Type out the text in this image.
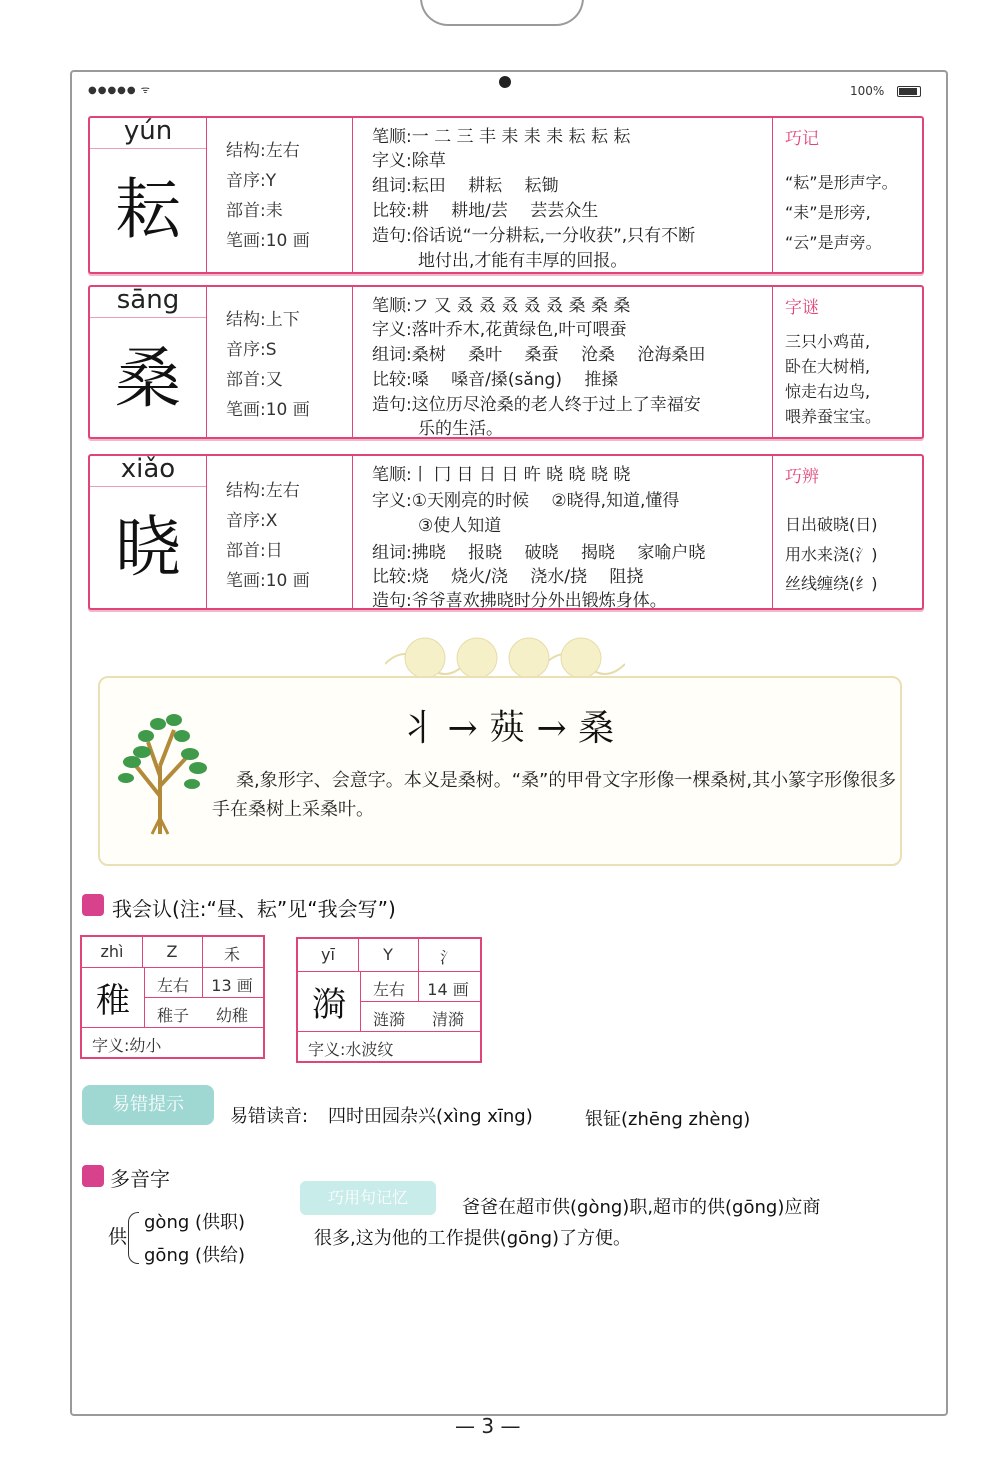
●●●●● ᯤ	100%
yún
耘
结构:左右
音序:Y
部首:耒
笔画:10 画
笔顺:一 二 三 丰 耒 耒 耒 耘 耘 耘
字义:除草
组词:耘田　 耕耘　 耘锄
比较:耕　 耕地/芸　 芸芸众生
造句:俗话说“一分耕耘,一分收获”,只有不断
地付出,才能有丰厚的回报。
巧记
“耘”是形声字。
“耒”是形旁,
“云”是声旁。
sāng
桑
结构:上下
音序:S
部首:又
笔画:10 画
笔顺:フ 又 叒 叒 叒 叒 叒 桑 桑 桑
字义:落叶乔木,花黄绿色,叶可喂蚕
组词:桑树　 桑叶　 桑蚕　 沧桑　 沧海桑田
比较:嗓　 嗓音/搡(sǎng)　 推搡
造句:这位历尽沧桑的老人终于过上了幸福安
乐的生活。
字谜
三只小鸡苗,
卧在大树梢,
惊走右边鸟,
喂养蚕宝宝。
xiǎo
晓
结构:左右
音序:X
部首:日
笔画:10 画
笔顺:丨 冂 日 日 日 旿 晓 晓 晓 晓
字义:①天刚亮的时候　 ②晓得,知道,懂得
③使人知道
组词:拂晓　 报晓　 破晓　 揭晓　 家喻户晓
比较:烧　 烧火/浇　 浇水/挠　 阻挠
造句:爷爷喜欢拂晓时分外出锻炼身体。
巧辨
日出破晓(日)
用水来浇(氵)
丝线缠绕(纟)
⺦ → 𦴊 → 桑
桑,象形字、会意字。本义是桑树。“桑”的甲骨文字形像一棵桑树,其小篆字形像很多手在桑树上采桑叶。
我会认(注:“昼、耘”见“我会写”)
zhì	Z	禾
稚	左右	13 画
稚子	幼稚
字义:幼小
yī	Y	氵
漪	左右	14 画
涟漪	清漪
字义:水波纹
易错提示
易错读音: 四时田园杂兴(xìng xīng)	银钲(zhēng zhèng)
多音字
供
gòng (供职)
gōng (供给)
巧用句记忆	爸爸在超市供(gòng)职,超市的供(gōng)应商
很多,这为他的工作提供(gōng)了方便。
— 3 —
